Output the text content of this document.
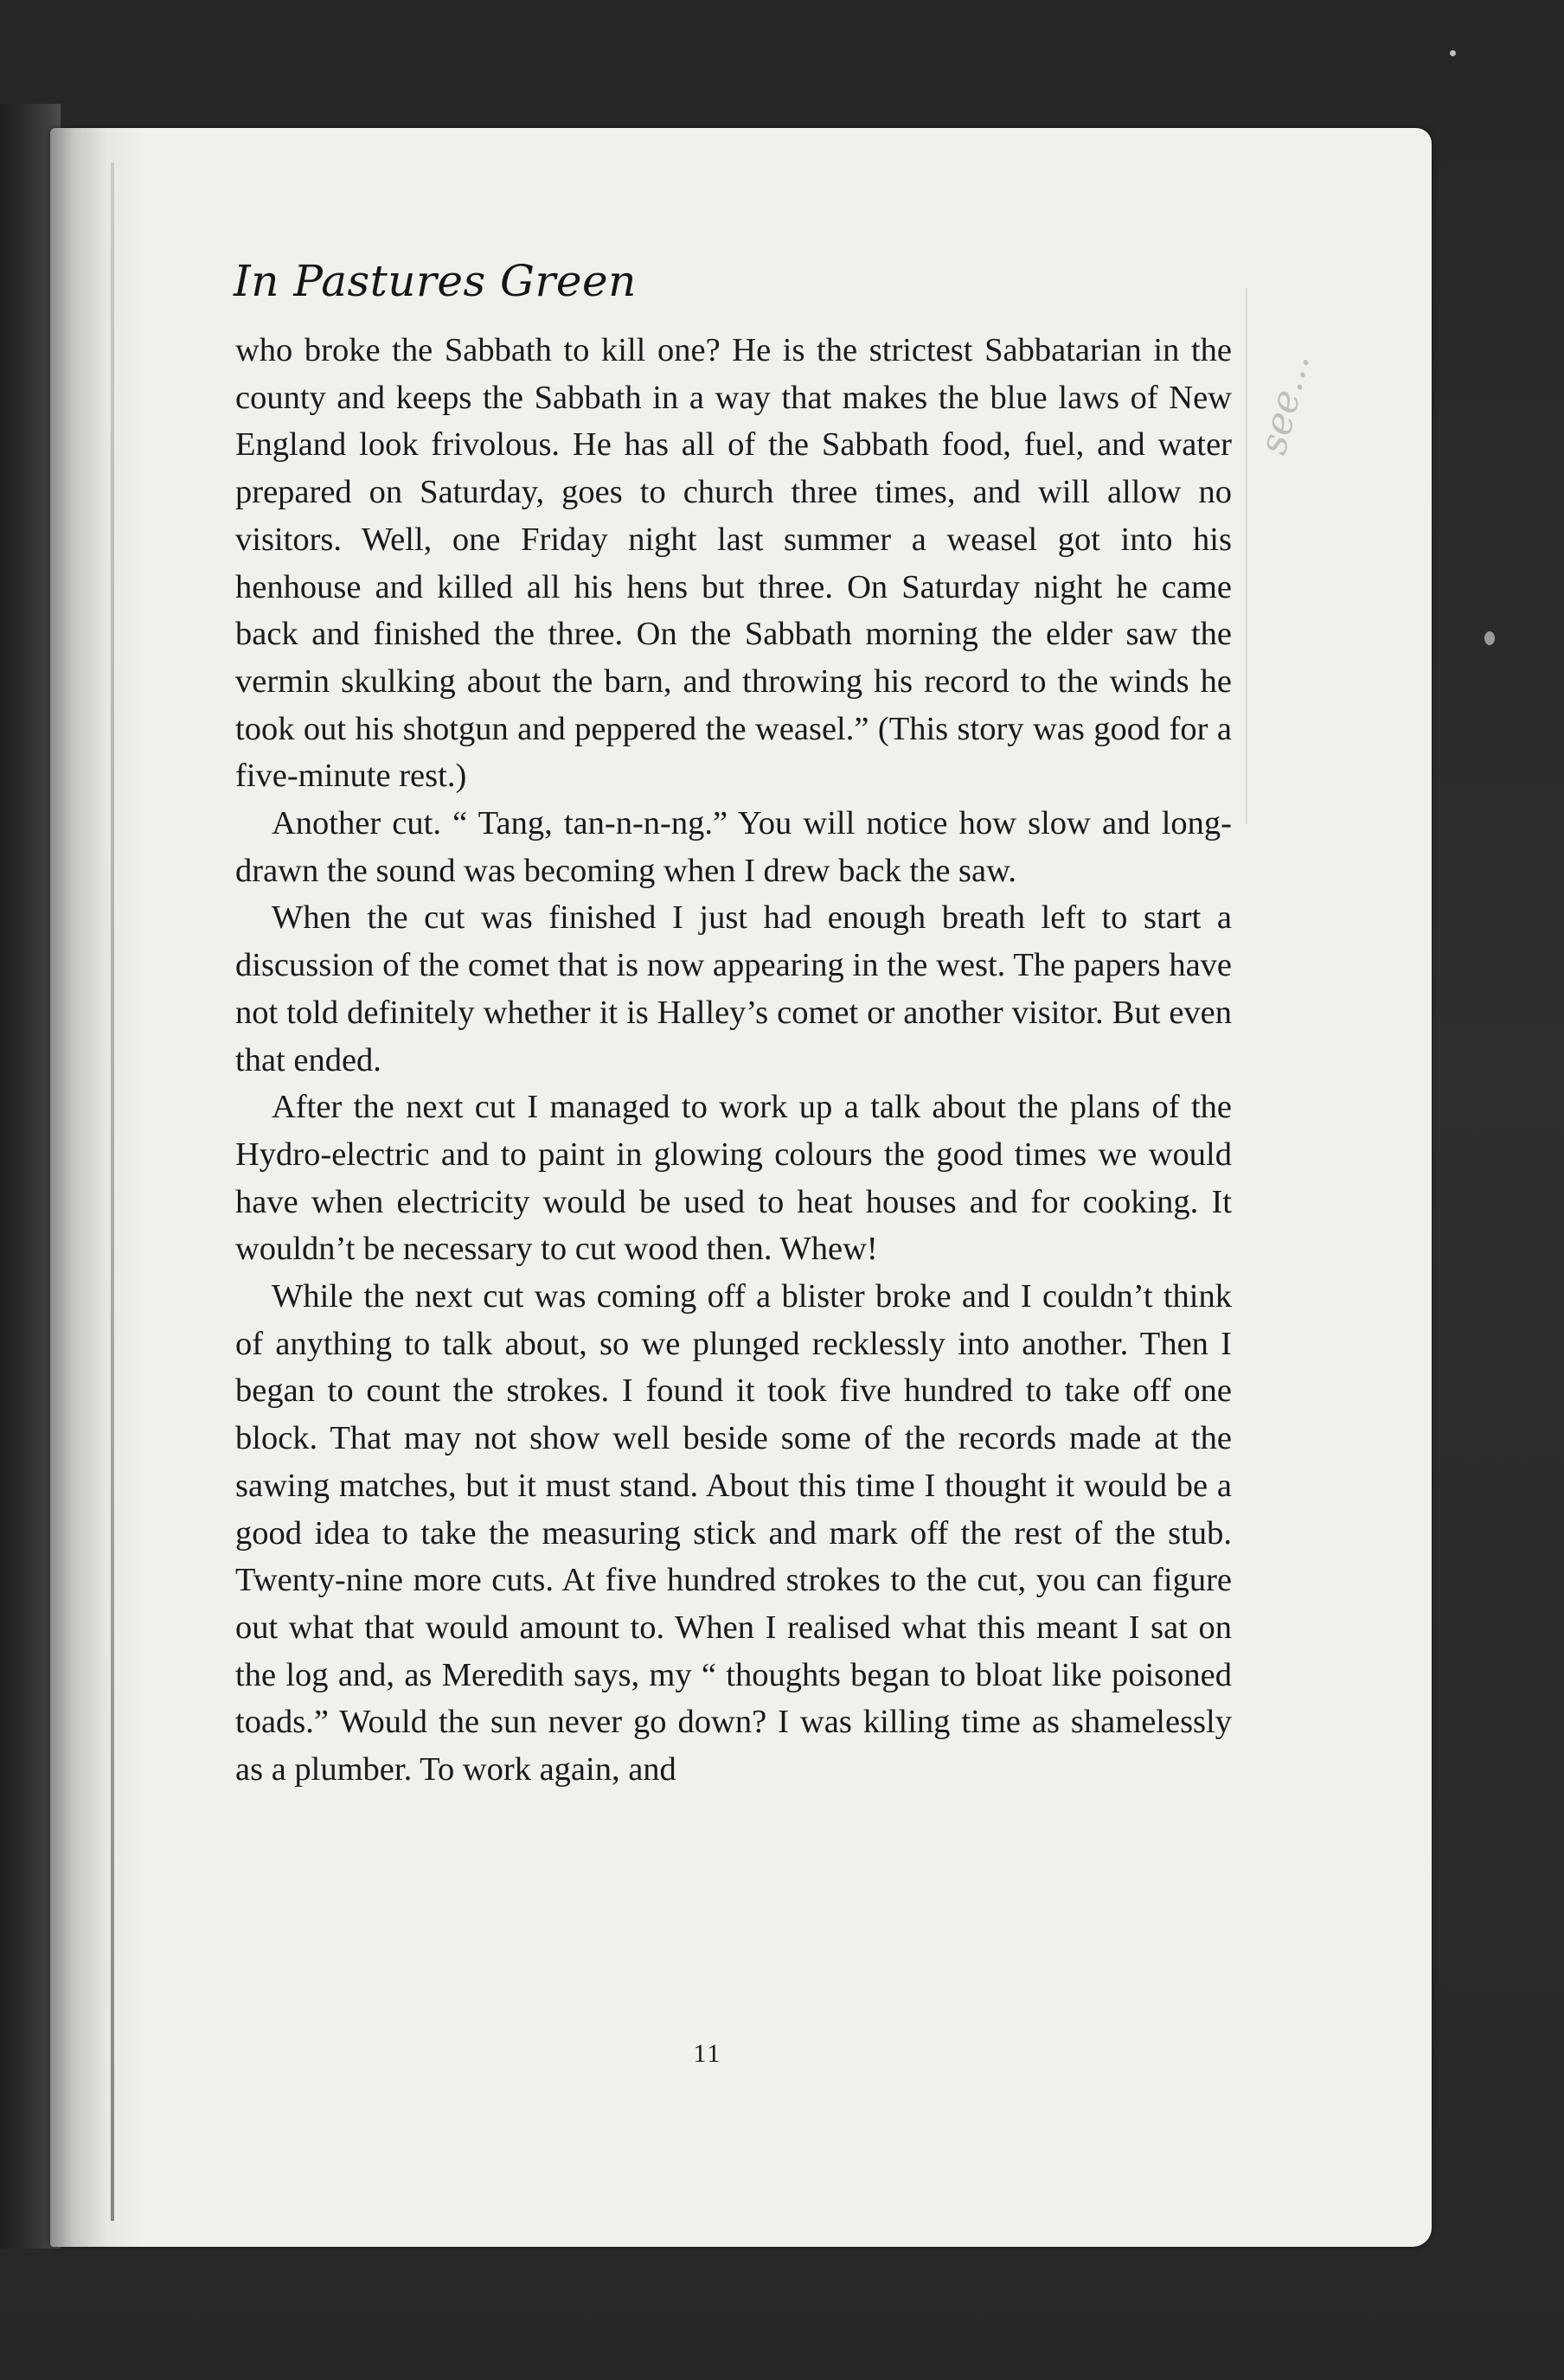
In Pastures Green

who broke the Sabbath to kill one? He is the strictest Sabbatarian in the county and keeps the Sabbath in a way that makes the blue laws of New England look frivolous. He has all of the Sabbath food, fuel, and water prepared on Saturday, goes to church three times, and will allow no visitors. Well, one Friday night last summer a weasel got into his henhouse and killed all his hens but three. On Saturday night he came back and finished the three. On the Sabbath morning the elder saw the vermin skulking about the barn, and throwing his record to the winds he took out his shotgun and peppered the weasel.” (This story was good for a five-minute rest.)

Another cut. “ Tang, tan-n-n-ng.” You will notice how slow and long-drawn the sound was becoming when I drew back the saw.

When the cut was finished I just had enough breath left to start a discussion of the comet that is now appearing in the west. The papers have not told definitely whether it is Halley’s comet or another visitor. But even that ended.

After the next cut I managed to work up a talk about the plans of the Hydro-electric and to paint in glowing colours the good times we would have when electricity would be used to heat houses and for cooking. It wouldn’t be necessary to cut wood then. Whew!

While the next cut was coming off a blister broke and I couldn’t think of anything to talk about, so we plunged recklessly into another. Then I began to count the strokes. I found it took five hundred to take off one block. That may not show well beside some of the records made at the sawing matches, but it must stand. About this time I thought it would be a good idea to take the measuring stick and mark off the rest of the stub. Twenty-nine more cuts. At five hundred strokes to the cut, you can figure out what that would amount to. When I realised what this meant I sat on the log and, as Meredith says, my “ thoughts began to bloat like poisoned toads.” Would the sun never go down? I was killing time as shamelessly as a plumber. To work again, and

see…
11
